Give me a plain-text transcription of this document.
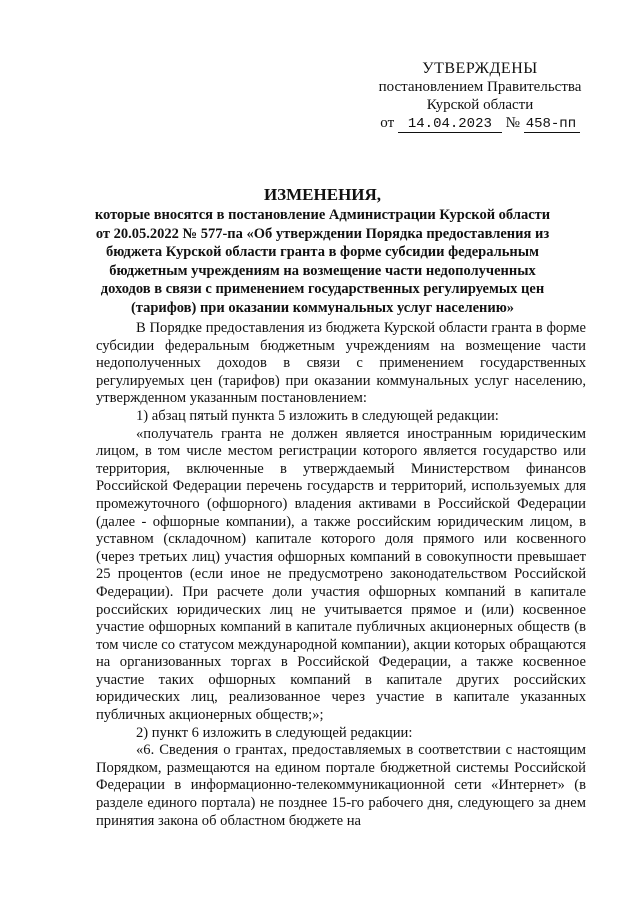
УТВЕРЖДЕНЫ
постановлением Правительства
Курской области
от 14.04.2023 № 458-пп
ИЗМЕНЕНИЯ,
которые вносятся в постановление Администрации Курской области от 20.05.2022 № 577-па «Об утверждении Порядка предоставления из бюджета Курской области гранта в форме субсидии федеральным бюджетным учреждениям на возмещение части недополученных доходов в связи с применением государственных регулируемых цен (тарифов) при оказании коммунальных услуг населению»

В Порядке предоставления из бюджета Курской области гранта в форме субсидии федеральным бюджетным учреждениям на возмещение части недополученных доходов в связи с применением государственных регулируемых цен (тарифов) при оказании коммунальных услуг населению, утвержденном указанным постановлением:

1) абзац пятый пункта 5 изложить в следующей редакции:

«получатель гранта не должен является иностранным юридическим лицом, в том числе местом регистрации которого является государство или территория, включенные в утверждаемый Министерством финансов Российской Федерации перечень государств и территорий, используемых для промежуточного (офшорного) владения активами в Российской Федерации (далее - офшорные компании), а также российским юридическим лицом, в уставном (складочном) капитале которого доля прямого или косвенного (через третьих лиц) участия офшорных компаний в совокупности превышает 25 процентов (если иное не предусмотрено законодательством Российской Федерации). При расчете доли участия офшорных компаний в капитале российских юридических лиц не учитывается прямое и (или) косвенное участие офшорных компаний в капитале публичных акционерных обществ (в том числе со статусом международной компании), акции которых обращаются на организованных торгах в Российской Федерации, а также косвенное участие таких офшорных компаний в капитале других российских юридических лиц, реализованное через участие в капитале указанных публичных акционерных обществ;»;

2) пункт 6 изложить в следующей редакции:

«6. Сведения о грантах, предоставляемых в соответствии с настоящим Порядком, размещаются на едином портале бюджетной системы Российской Федерации в информационно-телекоммуникационной сети «Интернет» (в разделе единого портала) не позднее 15-го рабочего дня, следующего за днем принятия закона об областном бюджете на
